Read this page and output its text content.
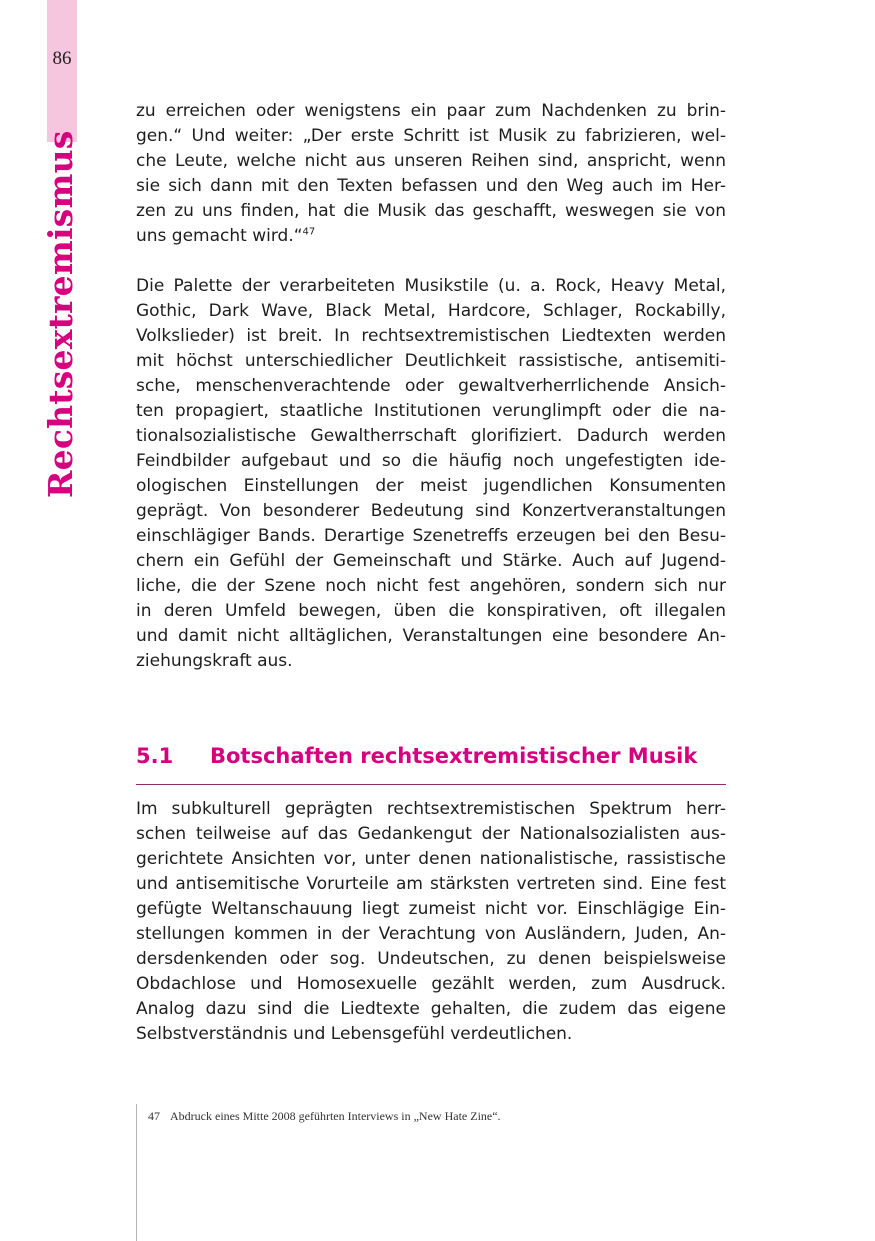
86
Rechtsextremismus

zu erreichen oder wenigstens ein paar zum Nachdenken zu brin-
gen.“ Und weiter: „Der erste Schritt ist Musik zu fabrizieren, wel-
che Leute, welche nicht aus unseren Reihen sind, anspricht, wenn
sie sich dann mit den Texten befassen und den Weg auch im Her-
zen zu uns finden, hat die Musik das geschafft, weswegen sie von
uns gemacht wird.“$^{47}$

Die Palette der verarbeiteten Musikstile (u. a. Rock, Heavy Metal,
Gothic, Dark Wave, Black Metal, Hardcore, Schlager, Rockabilly,
Volkslieder) ist breit. In rechtsextremistischen Liedtexten werden
mit höchst unterschiedlicher Deutlichkeit rassistische, antisemiti-
sche, menschenverachtende oder gewaltverherrlichende Ansich-
ten propagiert, staatliche Institutionen verunglimpft oder die na-
tionalsozialistische Gewaltherrschaft glorifiziert. Dadurch werden
Feindbilder aufgebaut und so die häufig noch ungefestigten ide-
ologischen Einstellungen der meist jugendlichen Konsumenten
geprägt. Von besonderer Bedeutung sind Konzertveranstaltungen
einschlägiger Bands. Derartige Szenetreffs erzeugen bei den Besu-
chern ein Gefühl der Gemeinschaft und Stärke. Auch auf Jugend-
liche, die der Szene noch nicht fest angehören, sondern sich nur
in deren Umfeld bewegen, üben die konspirativen, oft illegalen
und damit nicht alltäglichen, Veranstaltungen eine besondere An-
ziehungskraft aus.

5.1 Botschaften rechtsextremistischer Musik

Im subkulturell geprägten rechtsextremistischen Spektrum herr-
schen teilweise auf das Gedankengut der Nationalsozialisten aus-
gerichtete Ansichten vor, unter denen nationalistische, rassistische
und antisemitische Vorurteile am stärksten vertreten sind. Eine fest
gefügte Weltanschauung liegt zumeist nicht vor. Einschlägige Ein-
stellungen kommen in der Verachtung von Ausländern, Juden, An-
dersdenkenden oder sog. Undeutschen, zu denen beispielsweise
Obdachlose und Homosexuelle gezählt werden, zum Ausdruck.
Analog dazu sind die Liedtexte gehalten, die zudem das eigene
Selbstverständnis und Lebensgefühl verdeutlichen.

47 Abdruck eines Mitte 2008 geführten Interviews in „New Hate Zine“.
